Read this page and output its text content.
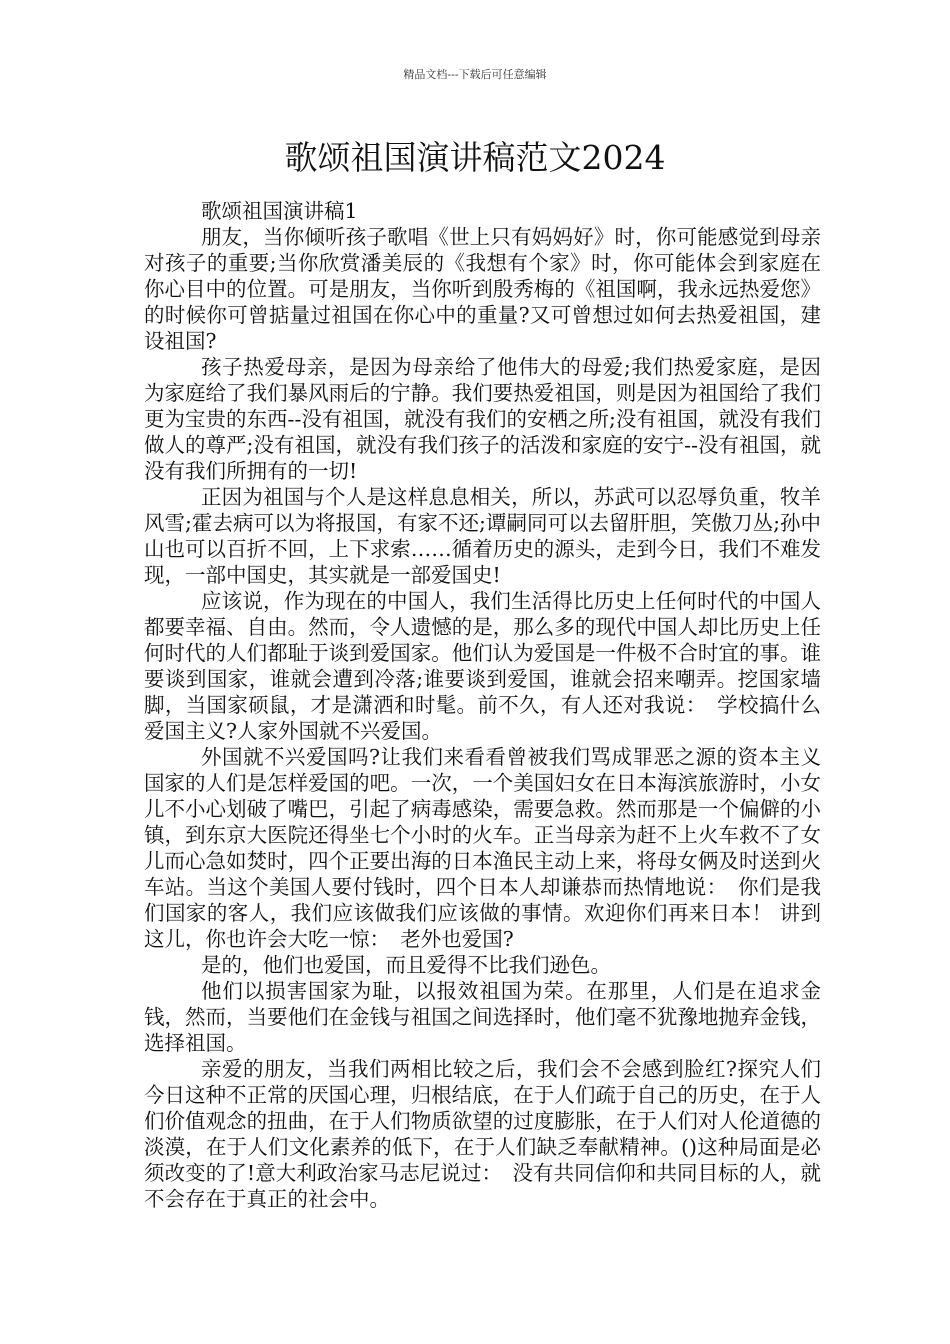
精品文档---下载后可任意编辑
歌颂祖国演讲稿范文2024

歌颂祖国演讲稿1

朋友，当你倾听孩子歌唱《世上只有妈妈好》时，你可能感觉到母亲对孩子的重要;当你欣赏潘美辰的《我想有个家》时，你可能体会到家庭在你心目中的位置。可是朋友，当你听到殷秀梅的《祖国啊，我永远热爱您》的时候你可曾掂量过祖国在你心中的重量?又可曾想过如何去热爱祖国，建设祖国?

孩子热爱母亲，是因为母亲给了他伟大的母爱;我们热爱家庭，是因为家庭给了我们暴风雨后的宁静。我们要热爱祖国，则是因为祖国给了我们更为宝贵的东西--没有祖国，就没有我们的安栖之所;没有祖国，就没有我们做人的尊严;没有祖国，就没有我们孩子的活泼和家庭的安宁--没有祖国，就没有我们所拥有的一切!

正因为祖国与个人是这样息息相关，所以，苏武可以忍辱负重，牧羊风雪;霍去病可以为将报国，有家不还;谭嗣同可以去留肝胆，笑傲刀丛;孙中山也可以百折不回，上下求索……循着历史的源头，走到今日，我们不难发现，一部中国史，其实就是一部爱国史!

应该说，作为现在的中国人，我们生活得比历史上任何时代的中国人都要幸福、自由。然而，令人遗憾的是，那么多的现代中国人却比历史上任何时代的人们都耻于谈到爱国家。他们认为爱国是一件极不合时宜的事。谁要谈到国家，谁就会遭到冷落;谁要谈到爱国，谁就会招来嘲弄。挖国家墙脚，当国家硕鼠，才是潇洒和时髦。前不久，有人还对我说：　学校搞什么爱国主义?人家外国就不兴爱国。

外国就不兴爱国吗?让我们来看看曾被我们骂成罪恶之源的资本主义国家的人们是怎样爱国的吧。一次，一个美国妇女在日本海滨旅游时，小女儿不小心划破了嘴巴，引起了病毒感染，需要急救。然而那是一个偏僻的小镇，到东京大医院还得坐七个小时的火车。正当母亲为赶不上火车救不了女儿而心急如焚时，四个正要出海的日本渔民主动上来，将母女俩及时送到火车站。当这个美国人要付钱时，四个日本人却谦恭而热情地说：　你们是我们国家的客人，我们应该做我们应该做的事情。欢迎你们再来日本！ 讲到这儿，你也许会大吃一惊：　老外也爱国?

是的，他们也爱国，而且爱得不比我们逊色。

他们以损害国家为耻，以报效祖国为荣。在那里，人们是在追求金钱，然而，当要他们在金钱与祖国之间选择时，他们毫不犹豫地抛弃金钱，选择祖国。

亲爱的朋友，当我们两相比较之后，我们会不会感到脸红?探究人们今日这种不正常的厌国心理，归根结底，在于人们疏于自己的历史，在于人们价值观念的扭曲，在于人们物质欲望的过度膨胀，在于人们对人伦道德的淡漠，在于人们文化素养的低下，在于人们缺乏奉献精神。()这种局面是必须改变的了!意大利政治家马志尼说过：　没有共同信仰和共同目标的人，就不会存在于真正的社会中。
